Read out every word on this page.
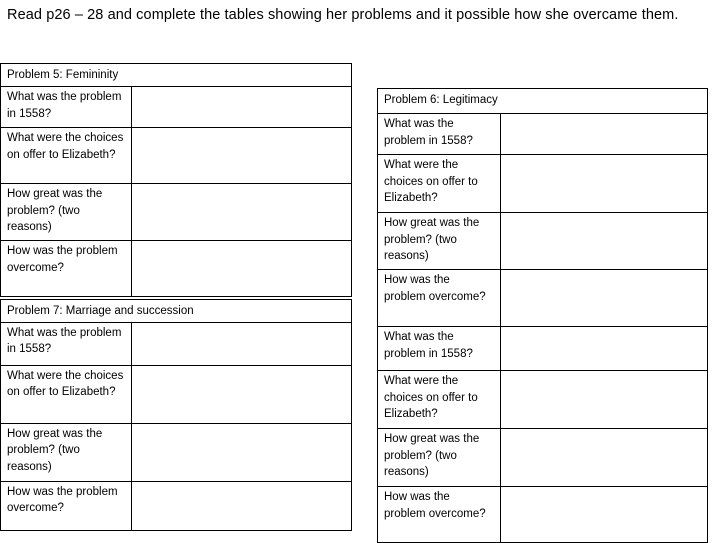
Read p26 – 28 and complete the tables showing her problems and it possible how she overcame them.
Problem 5: Femininity	
What was the problem in 1558?	
What were the choices on offer to Elizabeth?	
How great was the problem? (two reasons)	
How was the problem overcome?	
Problem 7: Marriage and succession	
What was the problem in 1558?	
What were the choices on offer to Elizabeth?	
How great was the problem? (two reasons)	
How was the problem overcome?	
Problem 6: Legitimacy	
What was the problem in 1558?	
What were the choices on offer to Elizabeth?	
How great was the problem? (two reasons)	
How was the problem overcome?	
What was the problem in 1558?	
What were the choices on offer to Elizabeth?	
How great was the problem? (two reasons)	
How was the problem overcome?	
